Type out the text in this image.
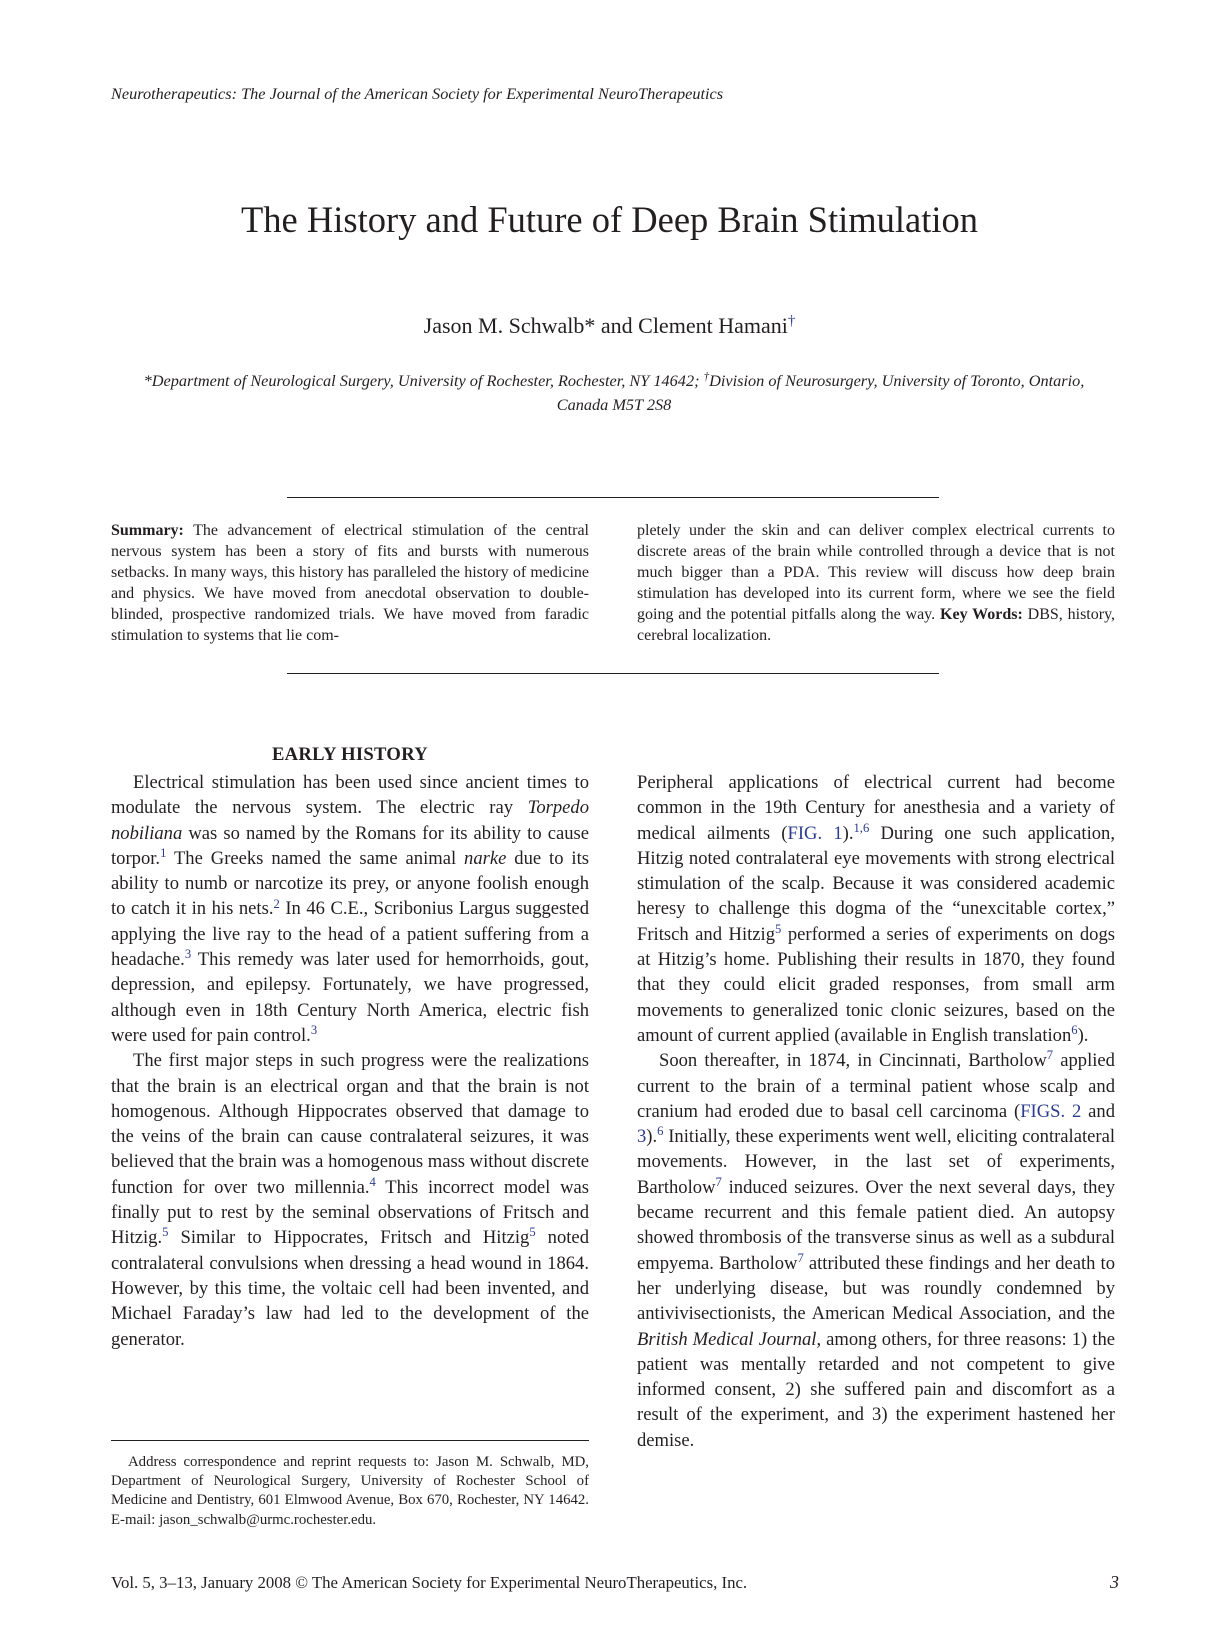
Neurotherapeutics: The Journal of the American Society for Experimental NeuroTherapeutics
The History and Future of Deep Brain Stimulation
Jason M. Schwalb* and Clement Hamani†
*Department of Neurological Surgery, University of Rochester, Rochester, NY 14642; †Division of Neurosurgery, University of Toronto, Ontario, Canada M5T 2S8
Summary: The advancement of electrical stimulation of the central nervous system has been a story of fits and bursts with numerous setbacks. In many ways, this history has paralleled the history of medicine and physics. We have moved from anecdotal observation to double-blinded, prospective randomized trials. We have moved from faradic stimulation to systems that lie com-
EARLY HISTORY

Electrical stimulation has been used since ancient times to modulate the nervous system. The electric ray Torpedo nobiliana was so named by the Romans for its ability to cause torpor.$^1$ The Greeks named the same animal narke due to its ability to numb or narcotize its prey, or anyone foolish enough to catch it in his nets.$^2$ In 46 C.E., Scribonius Largus suggested applying the live ray to the head of a patient suffering from a headache.$^3$ This remedy was later used for hemorrhoids, gout, depression, and epilepsy. Fortunately, we have progressed, although even in 18th Century North America, electric fish were used for pain control.$^3$

The first major steps in such progress were the realizations that the brain is an electrical organ and that the brain is not homogenous. Although Hippocrates observed that damage to the veins of the brain can cause contralateral seizures, it was believed that the brain was a homogenous mass without discrete function for over two millennia.$^4$ This incorrect model was finally put to rest by the seminal observations of Fritsch and Hitzig.$^5$ Similar to Hippocrates, Fritsch and Hitzig$^5$ noted contralateral convulsions when dressing a head wound in 1864. However, by this time, the voltaic cell had been invented, and Michael Faraday’s law had led to the development of the generator.

Address correspondence and reprint requests to: Jason M. Schwalb, MD, Department of Neurological Surgery, University of Rochester School of Medicine and Dentistry, 601 Elmwood Avenue, Box 670, Rochester, NY 14642. E-mail: jason_schwalb@urmc.rochester.edu.

Peripheral applications of electrical current had become common in the 19th Century for anesthesia and a variety of medical ailments (FIG. 1).$^{1,6}$ During one such application, Hitzig noted contralateral eye movements with strong electrical stimulation of the scalp. Because it was considered academic heresy to challenge this dogma of the “unexcitable cortex,” Fritsch and Hitzig$^5$ performed a series of experiments on dogs at Hitzig’s home. Publishing their results in 1870, they found that they could elicit graded responses, from small arm movements to generalized tonic clonic seizures, based on the amount of current applied (available in English translation$^6$).

Soon thereafter, in 1874, in Cincinnati, Bartholow$^7$ applied current to the brain of a terminal patient whose scalp and cranium had eroded due to basal cell carcinoma (FIGS. 2 and 3).$^6$ Initially, these experiments went well, eliciting contralateral movements. However, in the last set of experiments, Bartholow$^7$ induced seizures. Over the next several days, they became recurrent and this female patient died. An autopsy showed thrombosis of the transverse sinus as well as a subdural empyema. Bartholow$^7$ attributed these findings and her death to her underlying disease, but was roundly condemned by antivivisectionists, the American Medical Association, and the British Medical Journal, among others, for three reasons: 1) the patient was mentally retarded and not competent to give informed consent, 2) she suffered pain and discomfort as a result of the experiment, and 3) the experiment hastened her demise.

pletely under the skin and can deliver complex electrical currents to discrete areas of the brain while controlled through a device that is not much bigger than a PDA. This review will discuss how deep brain stimulation has developed into its current form, where we see the field going and the potential pitfalls along the way. Key Words: DBS, history, cerebral localization.
Vol. 5, 3–13, January 2008 © The American Society for Experimental NeuroTherapeutics, Inc.	3
